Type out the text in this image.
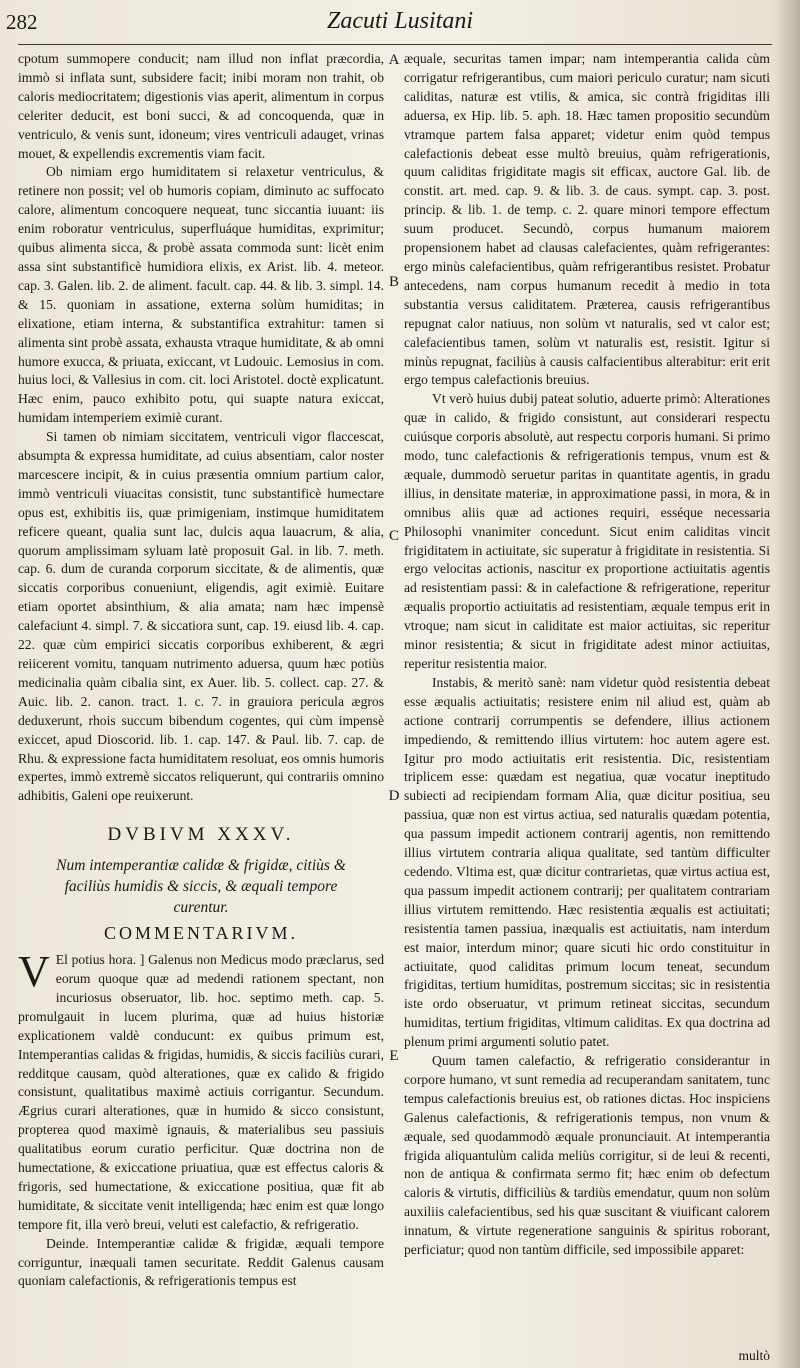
282	Zacuti Lusitani

cpotum summopere conducit; nam illud non inflat præcordia, immò si inflata sunt, subsidere facit; inibi moram non trahit, ob caloris mediocritatem; digestionis vias aperit, alimentum in corpus celeriter deducit, est boni succi, & ad concoquenda, quæ in ventriculo, & venis sunt, idoneum; vires ventriculi adauget, vrinas mouet, & expellendis excrementis viam facit.

Ob nimiam ergo humiditatem si relaxetur ventriculus, & retinere non possit; vel ob humoris copiam, diminuto ac suffocato calore, alimentum concoquere nequeat, tunc siccantia iuuant: iis enim roboratur ventriculus, superfluáque humiditas, exprimitur; quibus alimenta sicca, & probè assata commoda sunt: licèt enim assa sint substantificè humidiora elixis, ex Arist. lib. 4. meteor. cap. 3. Galen. lib. 2. de aliment. facult. cap. 44. & lib. 3. simpl. 14. & 15. quoniam in assatione, externa solùm humiditas; in elixatione, etiam interna, & substantifica extrahitur: tamen si alimenta sint probè assata, exhausta vtraque humiditate, & ab omni humore exucca, & priuata, exiccant, vt Ludouic. Lemosius in com. huius loci, & Vallesius in com. cit. loci Aristotel. doctè explicatunt. Hæc enim, pauco exhibito potu, qui suapte natura exiccat, humidam intemperiem eximiè curant.

Si tamen ob nimiam siccitatem, ventriculi vigor flaccescat, absumpta & expressa humiditate, ad cuius absentiam, calor noster marcescere incipit, & in cuius præsentia omnium partium calor, immò ventriculi viuacitas consistit, tunc substantificè humectare opus est, exhibitis iis, quæ primigeniam, instimque humiditatem reficere queant, qualia sunt lac, dulcis aqua lauacrum, & alia, quorum amplissimam syluam latè proposuit Gal. in lib. 7. meth. cap. 6. dum de curanda corporum siccitate, & de alimentis, quæ siccatis corporibus conueniunt, eligendis, agit eximiè. Euitare etiam oportet absinthium, & alia amata; nam hæc impensè calefaciunt 4. simpl. 7. & siccatiora sunt, cap. 19. eiusd lib. 4. cap. 22. quæ cùm empirici siccatis corporibus exhiberent, & ægri reiicerent vomitu, tanquam nutrimento aduersa, quum hæc potiùs medicinalia quàm cibalia sint, ex Auer. lib. 5. collect. cap. 27. & Auic. lib. 2. canon. tract. 1. c. 7. in grauiora pericula ægros deduxerunt, rhois succum bibendum cogentes, qui cùm impensè exiccet, apud Dioscorid. lib. 1. cap. 147. & Paul. lib. 7. cap. de Rhu. & expressione facta humiditatem resoluat, eos omnis humoris expertes, immò extremè siccatos reliquerunt, qui contrariis omnino adhibitis, Galeni ope reuixerunt.

DVBIVM XXXV.
Num intemperantiæ calidæ & frigidæ, citiùs & faciliùs humidis & siccis, & æquali tempore curentur.
COMMENTARIVM.

V El potius hora. ] Galenus non Medicus modo præclarus, sed eorum quoque quæ ad medendi rationem spectant, non incuriosus obseruator, lib. hoc. septimo meth. cap. 5. promulgauit in lucem plurima, quæ ad huius historiæ explicationem valdè conducunt: ex quibus primum est, Intemperantias calidas & frigidas, humidis, & siccis faciliùs curari, redditque causam, quòd alterationes, quæ ex calido & frigido consistunt, qualitatibus maximè actiuis corrigantur. Secundum. Ægrius curari alterationes, quæ in humido & sicco consistunt, propterea quod maximè ignauis, & materialibus seu passiuis qualitatibus eorum curatio perficitur. Quæ doctrina non de humectatione, & exiccatione priuatiua, quæ est effectus caloris & frigoris, sed humectatione, & exiccatione positiua, quæ fit ab humiditate, & siccitate venit intelligenda; hæc enim est quæ longo tempore fit, illa verò breui, veluti est calefactio, & refrigeratio.

Deinde. Intemperantiæ calidæ & frigidæ, æquali tempore corriguntur, inæquali tamen securitate. Reddit Galenus causam quoniam calefactionis, & refrigerationis tempus est

A
B
C
D
E

æquale, securitas tamen impar; nam intemperantia calida cùm corrigatur refrigerantibus, cum maiori periculo curatur; nam sicuti caliditas, naturæ est vtilis, & amica, sic contrà frigiditas illi aduersa, ex Hip. lib. 5. aph. 18. Hæc tamen propositio secundùm vtramque partem falsa apparet; videtur enim quòd tempus calefactionis debeat esse multò breuius, quàm refrigerationis, quum caliditas frigiditate magis sit efficax, auctore Gal. lib. de constit. art. med. cap. 9. & lib. 3. de caus. sympt. cap. 3. post. princip. & lib. 1. de temp. c. 2. quare minori tempore effectum suum producet. Secundò, corpus humanum maiorem propensionem habet ad clausas calefacientes, quàm refrigerantes: ergo minùs calefacientibus, quàm refrigerantibus resistet. Probatur antecedens, nam corpus humanum recedit à medio in tota substantia versus caliditatem. Præterea, causis refrigerantibus repugnat calor natiuus, non solùm vt naturalis, sed vt calor est; calefacientibus tamen, solùm vt naturalis est, resistit. Igitur si minùs repugnat, faciliùs à causis calfacientibus alterabitur: erit erit ergo tempus calefactionis breuius.

Vt verò huius dubij pateat solutio, aduerte primò: Alterationes quæ in calido, & frigido consistunt, aut considerari respectu cuiúsque corporis absolutè, aut respectu corporis humani. Si primo modo, tunc calefactionis & refrigerationis tempus, vnum est & æquale, dummodò seruetur paritas in quantitate agentis, in gradu illius, in densitate materiæ, in approximatione passi, in mora, & in omnibus aliis quæ ad actiones requiri, esséque necessaria Philosophi vnanimiter concedunt. Sicut enim caliditas vincit frigiditatem in actiuitate, sic superatur à frigiditate in resistentia. Si ergo velocitas actionis, nascitur ex proportione actiuitatis agentis ad resistentiam passi: & in calefactione & refrigeratione, reperitur æqualis proportio actiuitatis ad resistentiam, æquale tempus erit in vtroque; nam sicut in caliditate est maior actiuitas, sic reperitur minor resistentia; & sicut in frigiditate adest minor actiuitas, reperitur resistentia maior.

Instabis, & meritò sanè: nam videtur quòd resistentia debeat esse æqualis actiuitatis; resistere enim nil aliud est, quàm ab actione contrarij corrumpentis se defendere, illius actionem impediendo, & remittendo illius virtutem: hoc autem agere est. Igitur pro modo actiuitatis erit resistentia. Dic, resistentiam triplicem esse: quædam est negatiua, quæ vocatur ineptitudo subiecti ad recipiendam formam Alia, quæ dicitur positiua, seu passiua, quæ non est virtus actiua, sed naturalis quædam potentia, qua passum impedit actionem contrarij agentis, non remittendo illius virtutem contraria aliqua qualitate, sed tantùm difficulter cedendo. Vltima est, quæ dicitur contrarietas, quæ virtus actiua est, qua passum impedit actionem contrarij; per qualitatem contrariam illius virtutem remittendo. Hæc resistentia æqualis est actiuitati; resistentia tamen passiua, inæqualis est actiuitatis, nam interdum est maior, interdum minor; quare sicuti hic ordo constituitur in actiuitate, quod caliditas primum locum teneat, secundum frigiditas, tertium humiditas, postremum siccitas; sic in resistentia iste ordo obseruatur, vt primum retineat siccitas, secundum humiditas, tertium frigiditas, vltimum caliditas. Ex qua doctrina ad plenum primi argumenti solutio patet.

Quum tamen calefactio, & refrigeratio considerantur in corpore humano, vt sunt remedia ad recuperandam sanitatem, tunc tempus calefactionis breuius est, ob rationes dictas. Hoc inspiciens Galenus calefactionis, & refrigerationis tempus, non vnum & æquale, sed quodammodò æquale pronunciauit. At intemperantia frigida aliquantulùm calida meliùs corrigitur, si de leui & recenti, non de antiqua & confirmata sermo fit; hæc enim ob defectum caloris & virtutis, difficiliùs & tardiùs emendatur, quum non solùm auxiliis calefacientibus, sed his quæ suscitant & viuificant calorem innatum, & virtute regeneratione sanguinis & spiritus roborant, perficiatur; quod non tantùm difficile, sed impossibile apparet:

multò
